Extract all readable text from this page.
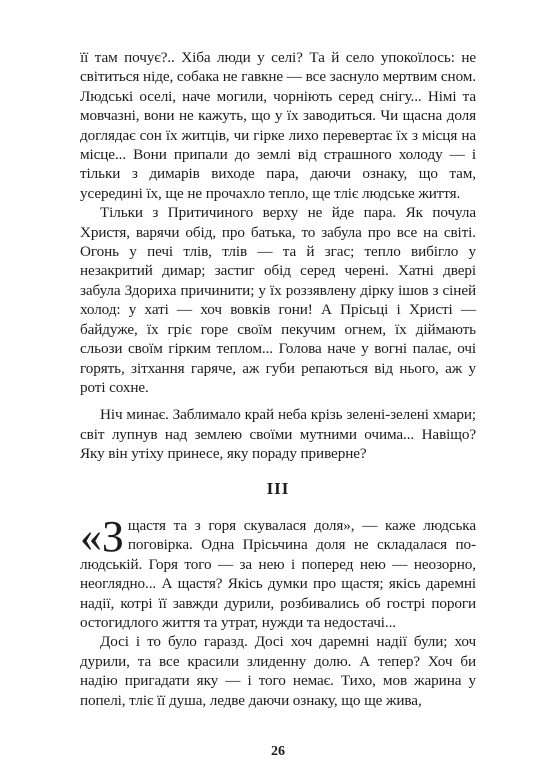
її там почує?.. Хіба люди у селі? Та й село упокоїлось: не світиться ніде, собака не гавкне — все заснуло мертвим сном. Людські оселі, наче могили, чорніють серед снігу... Німі та мовчазні, вони не кажуть, що у їх заводиться. Чи щасна доля доглядає сон їх житців, чи гірке лихо перевертає їх з місця на місце... Вони припали до землі від страшного холоду — і тільки з димарів виходе пара, даючи ознаку, що там, усередині їх, ще не прочахло тепло, ще тліє людське життя.

Тільки з Притичиного верху не йде пара. Як почула Христя, варячи обід, про батька, то забула про все на світі. Огонь у печі тлів, тлів — та й згас; тепло вибігло у незакритий димар; застиг обід серед черені. Хатні двері забула Здориха причинити; у їх роззявлену дірку ішов з сіней холод: у хаті — хоч вовків гони! А Прісьці і Христі — байдуже, їх гріє горе своїм пекучим огнем, їх діймають сльози своїм гірким теплом... Голова наче у вогні палає, очі горять, зітхання гаряче, аж губи репаються від нього, аж у роті сохне.

Ніч минає. Заблимало край неба крізь зелені-зелені хмари; світ лупнув над землею своїми мутними очима... Навіщо? Яку він утіху принесе, яку пораду приверне?

III

«З щастя та з горя скувалася доля», — каже людська поговірка. Одна Прісьчина доля не складалася по-людській. Горя того — за нею і поперед нею — неозорно, неоглядно... А щастя? Якісь думки про щастя; якісь даремні надії, котрі її завжди дурили, розбивались об гострі пороги остогидлого життя та утрат, нужди та недостачі...

Досі і то було гаразд. Досі хоч даремні надії були; хоч дурили, та все красили злиденну долю. А тепер? Хоч би надію пригадати яку — і того немає. Тихо, мов жарина у попелі, тліє її душа, ледве даючи ознаку, що ще жива,

26
